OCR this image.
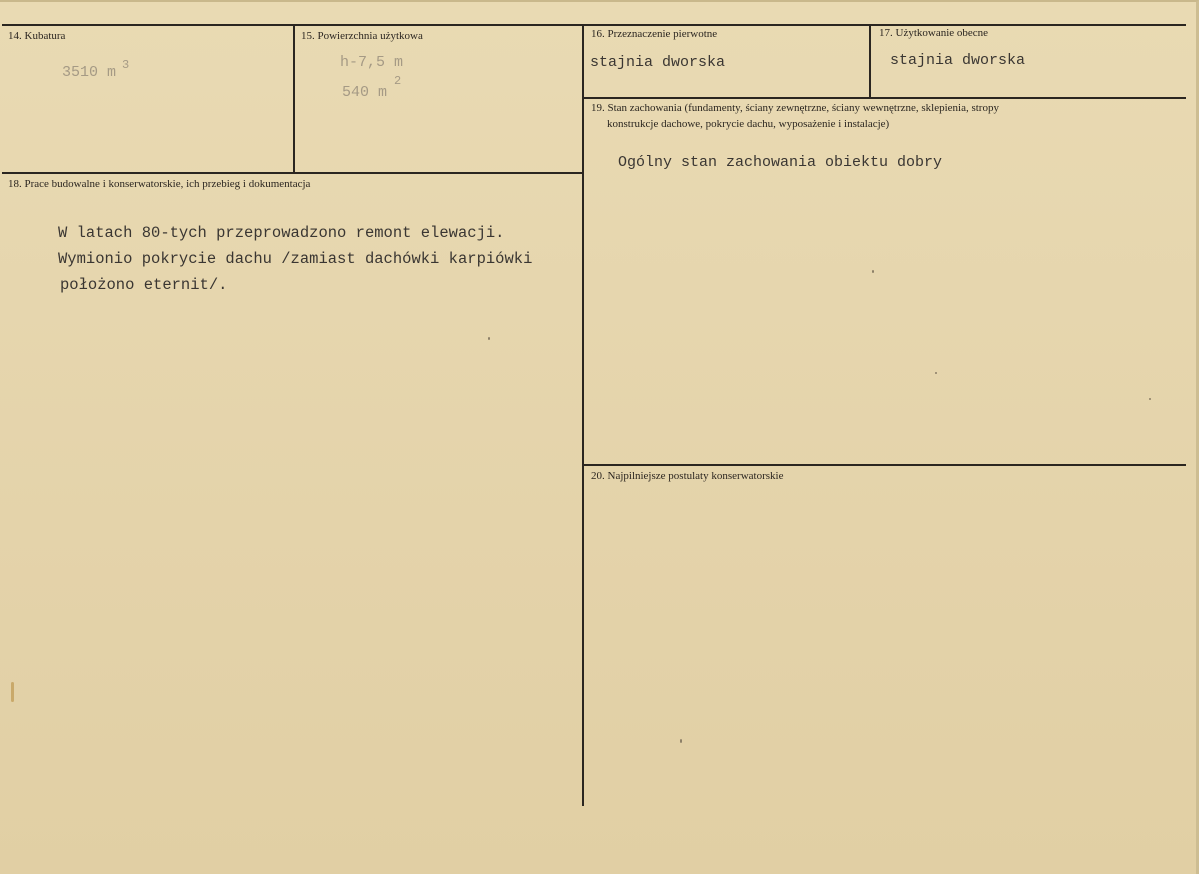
14. Kubatura
3510 m 3
15. Powierzchnia użytkowa
h-7,5 m
540 m
2
16. Przeznaczenie pierwotne
stajnia dworska
17. Użytkowanie obecne
stajnia dworska
18. Prace budowalne i konserwatorskie, ich przebieg i dokumentacja
W latach 80-tych przeprowadzono remont elewacji.
Wymionio pokrycie dachu /zamiast dachówki karpiówki
położono eternit/.
19. Stan zachowania (fundamenty, ściany zewnętrzne, ściany wewnętrzne, sklepienia, stropy
konstrukcje dachowe, pokrycie dachu, wyposażenie i instalacje)
Ogólny stan zachowania obiektu dobry
20. Najpilniejsze postulaty konserwatorskie
